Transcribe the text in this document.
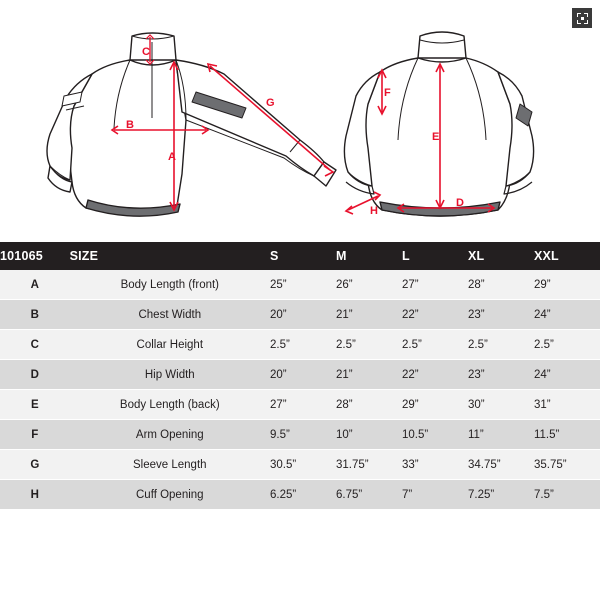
C
B
A
G
F
E
H
D
101065	SIZE	S	M	L	XL	XXL
A	Body Length (front)	25”	26”	27”	28”	29”
B	Chest Width	20”	21”	22”	23”	24”
C	Collar Height	2.5”	2.5”	2.5”	2.5”	2.5”
D	Hip Width	20”	21”	22”	23”	24”
E	Body Length (back)	27”	28”	29”	30”	31”
F	Arm Opening	9.5”	10”	10.5”	11”	11.5”
G	Sleeve Length	30.5”	31.75”	33”	34.75”	35.75”
H	Cuff Opening	6.25”	6.75”	7”	7.25”	7.5”
